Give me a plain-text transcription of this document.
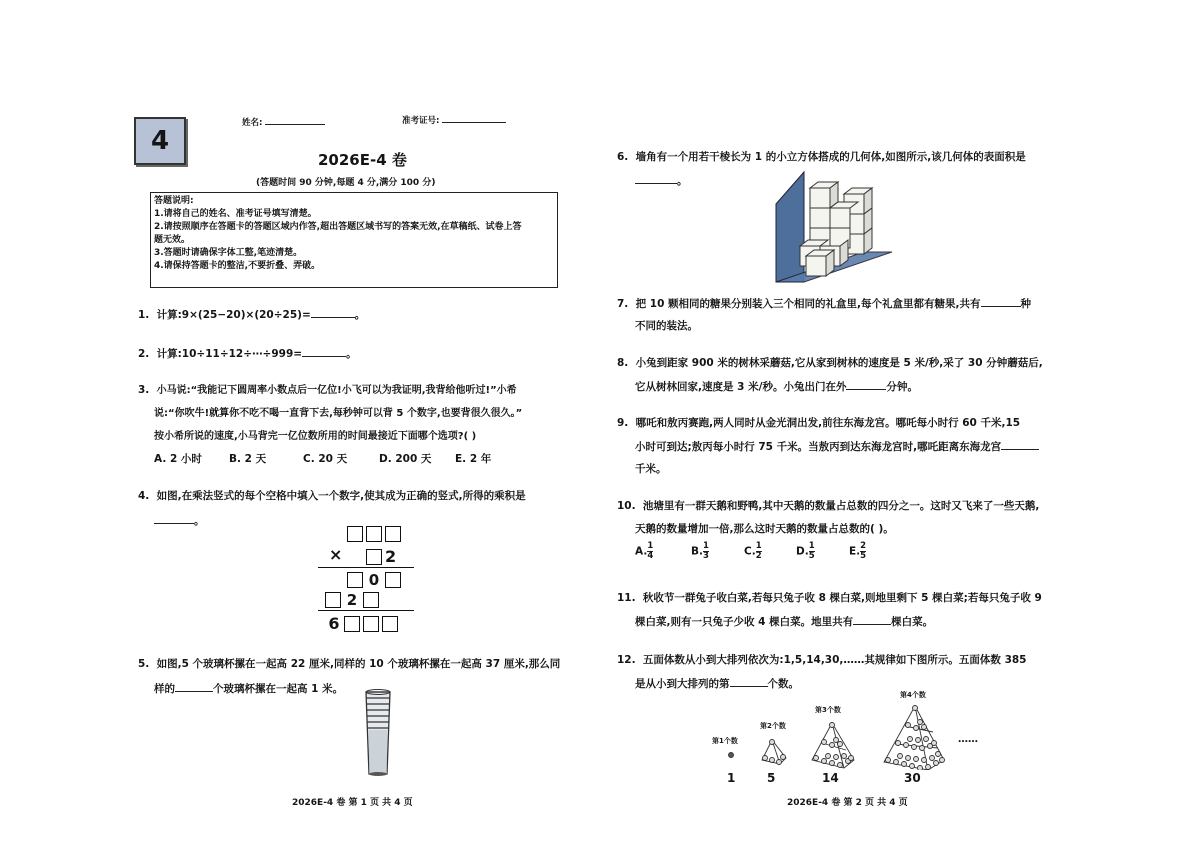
4
姓名:	准考证号:
2026E-4 卷
(答题时间 90 分钟,每题 4 分,满分 100 分)
答题说明:
1.请将自己的姓名、准考证号填写清楚。
2.请按照顺序在答题卡的答题区域内作答,超出答题区域书写的答案无效,在草稿纸、试卷上答
题无效。
3.答题时请确保字体工整,笔迹清楚。
4.请保持答题卡的整洁,不要折叠、弄破。
1. 计算:9×(25−20)×(20÷25)=	。
2. 计算:10÷11÷12÷⋯÷999=	。
3. 小马说:“我能记下圆周率小数点后一亿位!小飞可以为我证明,我背给他听过!”小希
说:“你吹牛!就算你不吃不喝一直背下去,每秒钟可以背 5 个数字,也要背很久很久。”
按小希所说的速度,小马背完一亿位数所用的时间最接近下面哪个选项?( )
A. 2 小时	B. 2 天	C. 20 天	D. 200 天 E. 2 年
4. 如图,在乘法竖式的每个空格中填入一个数字,使其成为正确的竖式,所得的乘积是
。
×	2
0
2
6
5. 如图,5 个玻璃杯摞在一起高 22 厘米,同样的 10 个玻璃杯摞在一起高 37 厘米,那么同
样的	个玻璃杯摞在一起高 1 米。
2026E-4 卷 第 1 页 共 4 页
6. 墙角有一个用若干棱长为 1 的小立方体搭成的几何体,如图所示,该几何体的表面积是
。
7. 把 10 颗相同的糖果分别装入三个相同的礼盒里,每个礼盒里都有糖果,共有	种
不同的装法。
8. 小兔到距家 900 米的树林采蘑菇,它从家到树林的速度是 5 米/秒,采了 30 分钟蘑菇后,
它从树林回家,速度是 3 米/秒。小兔出门在外	分钟。
9. 哪吒和敖丙赛跑,两人同时从金光洞出发,前往东海龙宫。哪吒每小时行 60 千米,15
小时可到达;敖丙每小时行 75 千米。当敖丙到达东海龙宫时,哪吒距离东海龙宫
千米。
10. 池塘里有一群天鹅和野鸭,其中天鹅的数量占总数的四分之一。这时又飞来了一些天鹅,
天鹅的数量增加一倍,那么这时天鹅的数量占总数的( )。
A. $\frac{1}{4}$	B. $\frac{1}{3}$	C. $\frac{1}{2}$	D. $\frac{1}{5}$	E. $\frac{2}{5}$
11. 秋收节一群兔子收白菜,若每只兔子收 8 棵白菜,则地里剩下 5 棵白菜;若每只兔子收 9
棵白菜,则有一只兔子少收 4 棵白菜。地里共有	棵白菜。
12. 五面体数从小到大排列依次为:1,5,14,30,……其规律如下图所示。五面体数 385
是从小到大排列的第	个数。
第1个数
第2个数
第3个数
第4个数
……
1	5	14	30
2026E-4 卷 第 2 页 共 4 页
